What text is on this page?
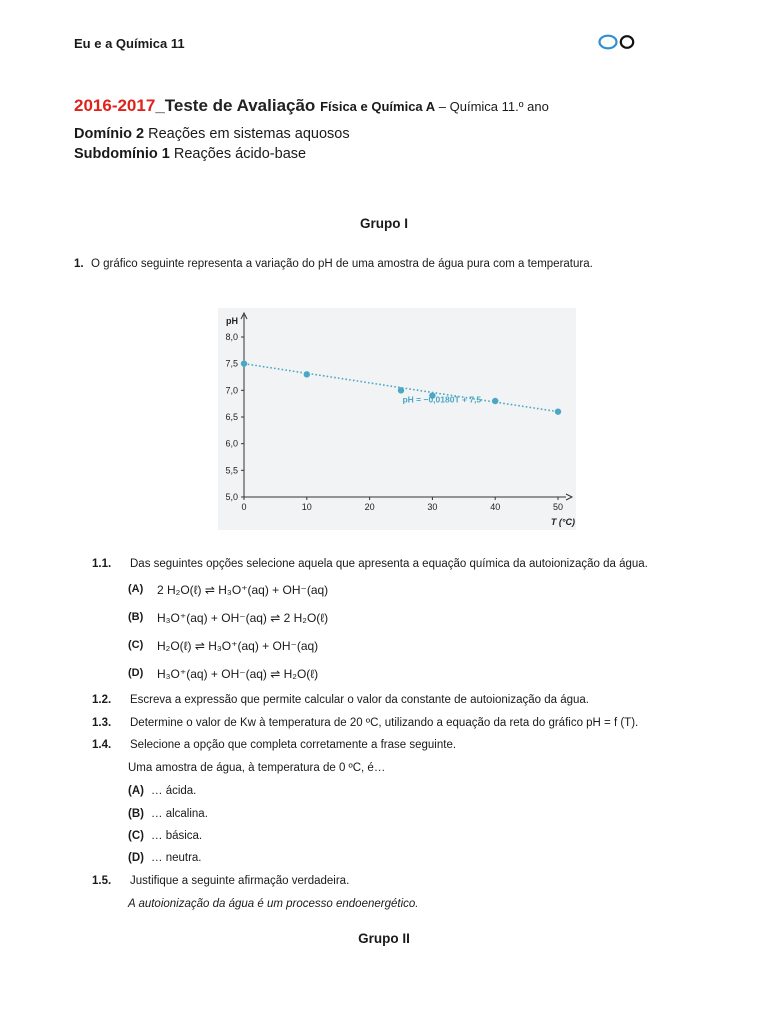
Eu e a Química 11
2016-2017_Teste de Avaliação Física e Química A – Química 11.º ano
Domínio 2 Reações em sistemas aquosos
Subdomínio 1 Reações ácido-base
Grupo I
1. O gráfico seguinte representa a variação do pH de uma amostra de água pura com a temperatura.
5,0
5,5
6,0
6,5
7,0
7,5
8,0
0	10	20	30	40	50
pH
T (°C)
pH = −0,0180T + 7,5
1.1. Das seguintes opções selecione aquela que apresenta a equação química da autoionização da água.
(A) 2 H₂O(ℓ) ⇌ H₃O⁺(aq) + OH⁻(aq)
(B) H₃O⁺(aq) + OH⁻(aq) ⇌ 2 H₂O(ℓ)
(C) H₂O(ℓ) ⇌ H₃O⁺(aq) + OH⁻(aq)
(D) H₃O⁺(aq) + OH⁻(aq) ⇌ H₂O(ℓ)
1.2. Escreva a expressão que permite calcular o valor da constante de autoionização da água.
1.3. Determine o valor de Kw à temperatura de 20 ºC, utilizando a equação da reta do gráfico pH = f (T).
1.4. Selecione a opção que completa corretamente a frase seguinte.
Uma amostra de água, à temperatura de 0 ºC, é…
(A) … ácida.
(B) … alcalina.
(C) … básica.
(D) … neutra.
1.5. Justifique a seguinte afirmação verdadeira.
A autoionização da água é um processo endoenergético.
Grupo II
